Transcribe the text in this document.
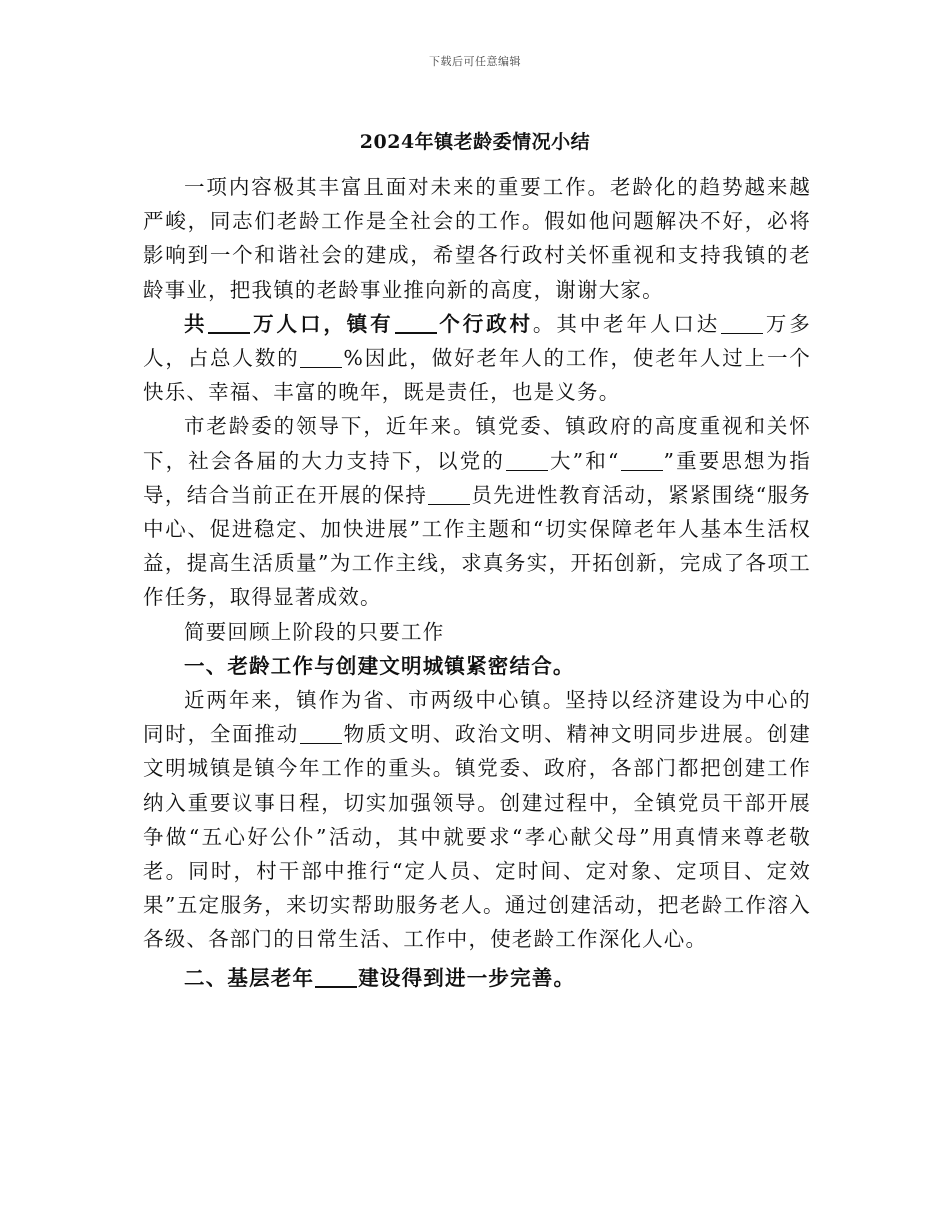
下载后可任意编辑
2024年镇老龄委情况小结

一项内容极其丰富且面对未来的重要工作。老龄化的趋势越来越严峻，同志们老龄工作是全社会的工作。假如他问题解决不好，必将影响到一个和谐社会的建成，希望各行政村关怀重视和支持我镇的老龄事业，把我镇的老龄事业推向新的高度，谢谢大家。

共 万人口，镇有 个行政村。其中老年人口达 万多人，占总人数的 %因此，做好老年人的工作，使老年人过上一个快乐、幸福、丰富的晚年，既是责任，也是义务。

市老龄委的领导下，近年来。镇党委、镇政府的高度重视和关怀下，社会各届的大力支持下，以党的 大”和“ ”重要思想为指导，结合当前正在开展的保持 员先进性教育活动，紧紧围绕“服务中心、促进稳定、加快进展”工作主题和“切实保障老年人基本生活权益，提高生活质量”为工作主线，求真务实，开拓创新，完成了各项工作任务，取得显著成效。

简要回顾上阶段的只要工作

一、老龄工作与创建文明城镇紧密结合。

近两年来，镇作为省、市两级中心镇。坚持以经济建设为中心的同时，全面推动 物质文明、政治文明、精神文明同步进展。创建文明城镇是镇今年工作的重头。镇党委、政府，各部门都把创建工作纳入重要议事日程，切实加强领导。创建过程中，全镇党员干部开展争做“五心好公仆”活动，其中就要求“孝心献父母”用真情来尊老敬老。同时，村干部中推行“定人员、定时间、定对象、定项目、定效果”五定服务，来切实帮助服务老人。通过创建活动，把老龄工作溶入各级、各部门的日常生活、工作中，使老龄工作深化人心。

二、基层老年 建设得到进一步完善。
